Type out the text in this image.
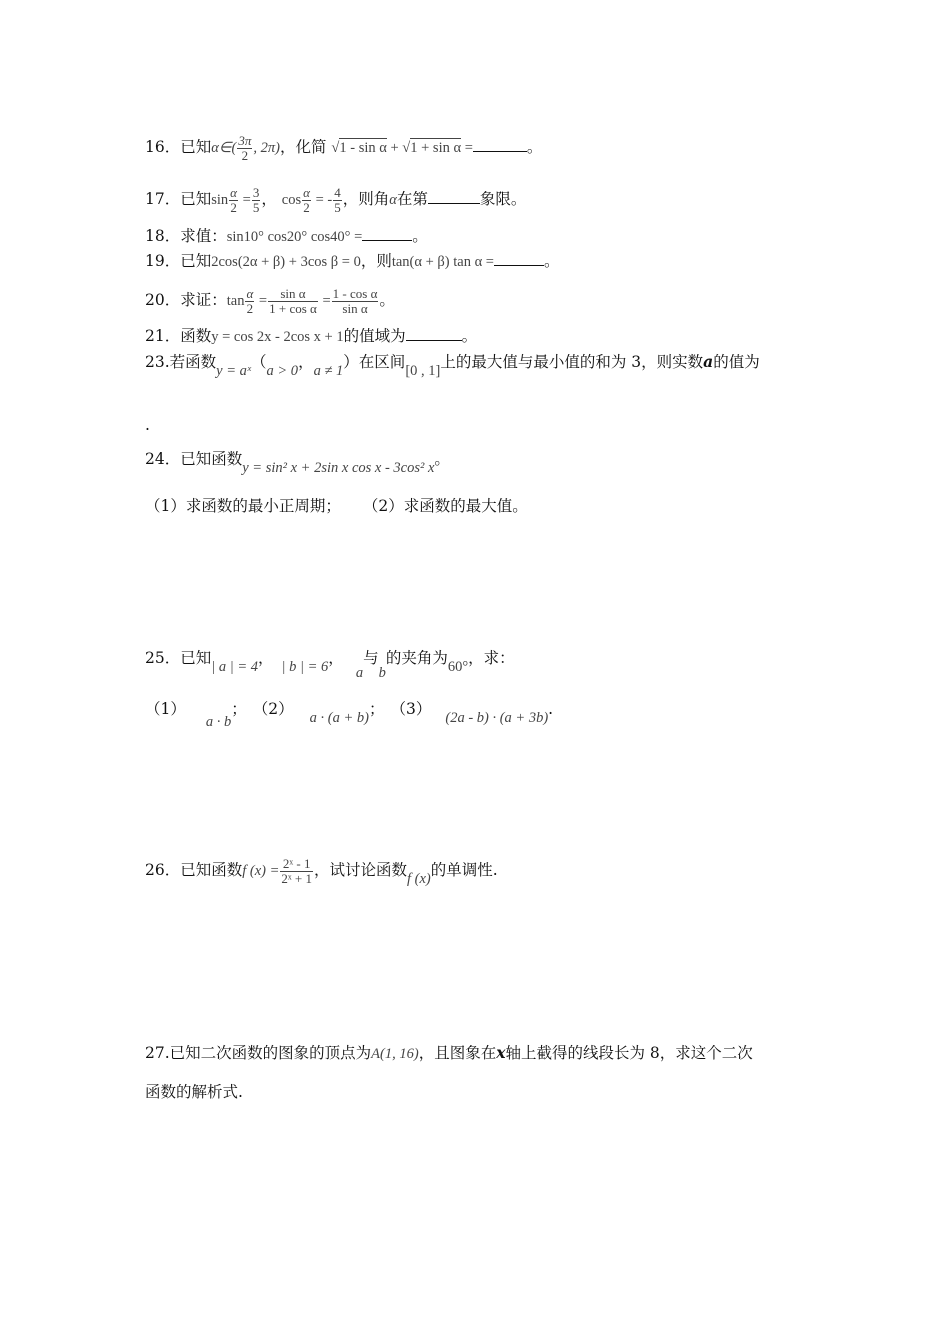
16．已知α∈( $\frac{3\pi}{2}$ , 2π)，化简 √1 - sin α + √1 + sin α =	。
17．已知$\sin \frac{\alpha}{2} = \frac{3}{5}$ ， $\cos \frac{\alpha}{2}$ = - $\frac{4}{5}$ ，则角α在第	象限。
18．求值：sin10° cos20° cos40° =	。
19．已知2cos(2α + β) + 3cos β = 0，则tan(α + β) tan α =	。
20．求证：$\tan \frac{\alpha}{2} = \frac{\text{sin α}}{\text{1 + cos α}} = \frac{\text{1 - cos α}}{\text{sin α}}$ 。
21．函数y = cos 2x - 2cos x + 1的值域为	。
23.若函数y = aˣ（a > 0，a ≠ 1）在区间[0 , 1]上的最大值与最小值的和为 3，则实数a的值为
.
24．已知函数y = sin² x + 2sin x cos x - 3cos² x。
（1）求函数的最小正周期； （2）求函数的最大值。
25．已知| a | = 4， | b | = 6，a与b的夹角为60°，求：
（1）a · b； （2） a · (a + b)； （3） (2a - b) · (a + 3b).
26．已知函数f $(x) = \frac{\text{2ˣ - 1}}{\text{2ˣ + 1}}$ ，试讨论函数f (x)的单调性.
27.已知二次函数的图象的顶点为A(1, 16)，且图象在x轴上截得的线段长为 8，求这个二次
函数的解析式.
